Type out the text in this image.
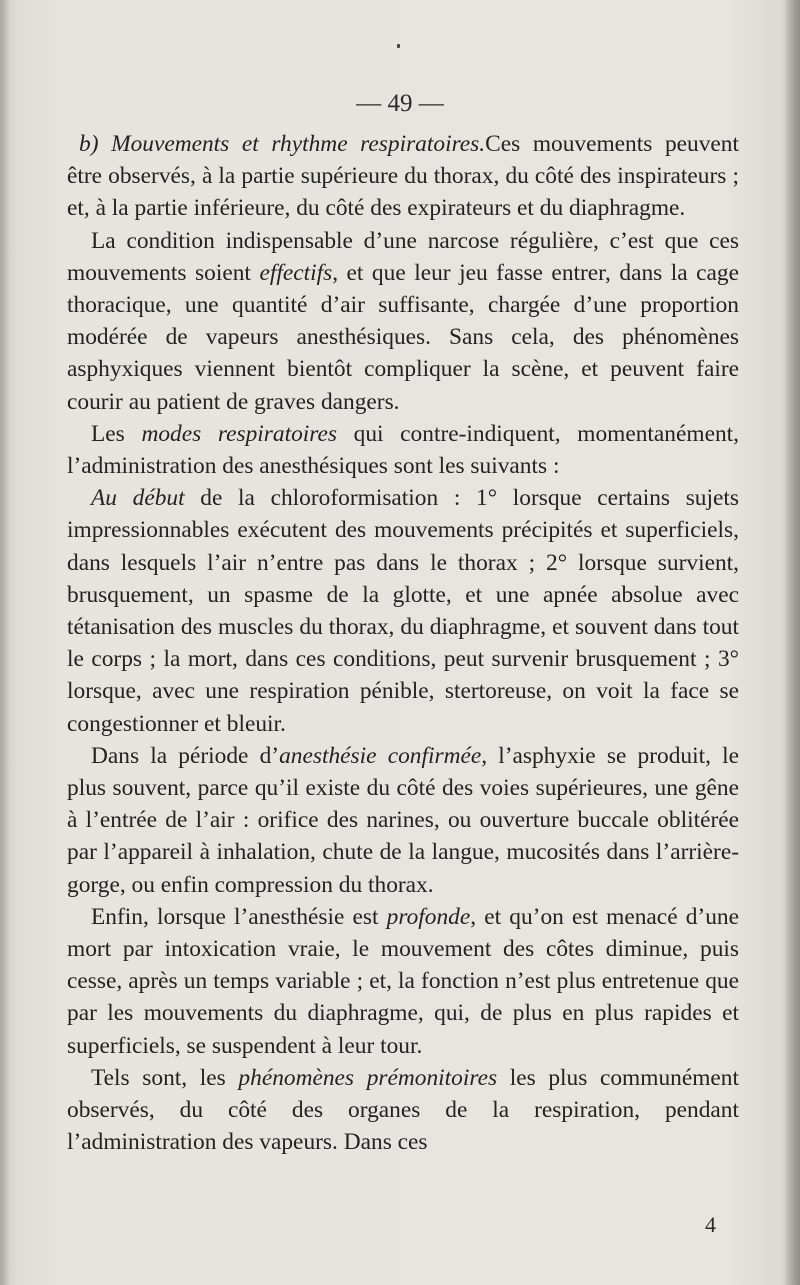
— 49 —

b) Mouvements et rhythme respiratoires.Ces mouvements peuvent être observés, à la partie supérieure du thorax, du côté des inspirateurs ; et, à la partie inférieure, du côté des expirateurs et du diaphragme.

La condition indispensable d’une narcose régulière, c’est que ces mouvements soient effectifs, et que leur jeu fasse entrer, dans la cage thoracique, une quantité d’air suffisante, chargée d’une proportion modérée de vapeurs anesthésiques. Sans cela, des phénomènes asphyxiques viennent bientôt compliquer la scène, et peuvent faire courir au patient de graves dangers.

Les modes respiratoires qui contre-indiquent, momentanément, l’administration des anesthésiques sont les suivants :

Au début de la chloroformisation : 1° lorsque certains sujets impressionnables exécutent des mouvements précipités et superficiels, dans lesquels l’air n’entre pas dans le thorax ; 2° lorsque survient, brusquement, un spasme de la glotte, et une apnée absolue avec tétanisation des muscles du thorax, du diaphragme, et souvent dans tout le corps ; la mort, dans ces conditions, peut survenir brusquement ; 3° lorsque, avec une respiration pénible, stertoreuse, on voit la face se congestionner et bleuir.

Dans la période d’anesthésie confirmée, l’asphyxie se produit, le plus souvent, parce qu’il existe du côté des voies supérieures, une gêne à l’entrée de l’air : orifice des narines, ou ouverture buccale oblitérée par l’appareil à inhalation, chute de la langue, mucosités dans l’arrière-gorge, ou enfin compression du thorax.

Enfin, lorsque l’anesthésie est profonde, et qu’on est menacé d’une mort par intoxication vraie, le mouvement des côtes diminue, puis cesse, après un temps variable ; et, la fonction n’est plus entretenue que par les mouvements du diaphragme, qui, de plus en plus rapides et superficiels, se suspendent à leur tour.

Tels sont, les phénomènes prémonitoires les plus communément observés, du côté des organes de la respiration, pendant l’administration des vapeurs. Dans ces

4
